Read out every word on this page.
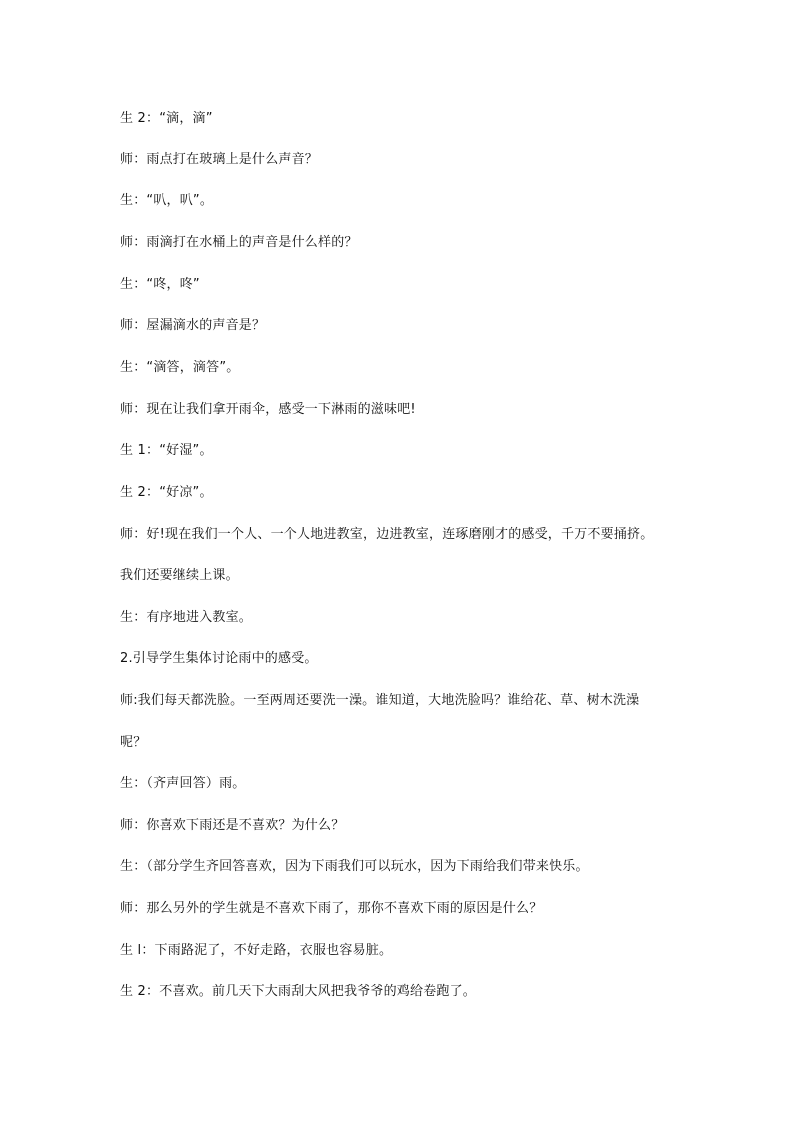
生 2：“滴，滴”
师：雨点打在玻璃上是什么声音？
生：“叭，叭”。
师：雨滴打在水桶上的声音是什么样的？
生：“咚，咚”
师：屋漏滴水的声音是？
生：“滴答，滴答”。
师：现在让我们拿开雨伞，感受一下淋雨的滋味吧!
生 1：“好湿”。
生 2：“好凉”。
师：好!现在我们一个人、一个人地进教室，边进教室，连琢磨刚才的感受，千万不要捅挤。
我们还要继续上课。
生：有序地进入教室。
2.引导学生集体讨论雨中的感受。
师:我们每天都洗脸。一至两周还要洗一澡。谁知道，大地洗脸吗？谁给花、草、树木洗澡
呢？
生：（齐声回答）雨。
师：你喜欢下雨还是不喜欢？为什么？
生：（部分学生齐回答喜欢，因为下雨我们可以玩水，因为下雨给我们带来快乐。
师：那么另外的学生就是不喜欢下雨了，那你不喜欢下雨的原因是什么？
生 l：下雨路泥了，不好走路，衣服也容易脏。
生 2：不喜欢。前几天下大雨刮大风把我爷爷的鸡给卷跑了。
